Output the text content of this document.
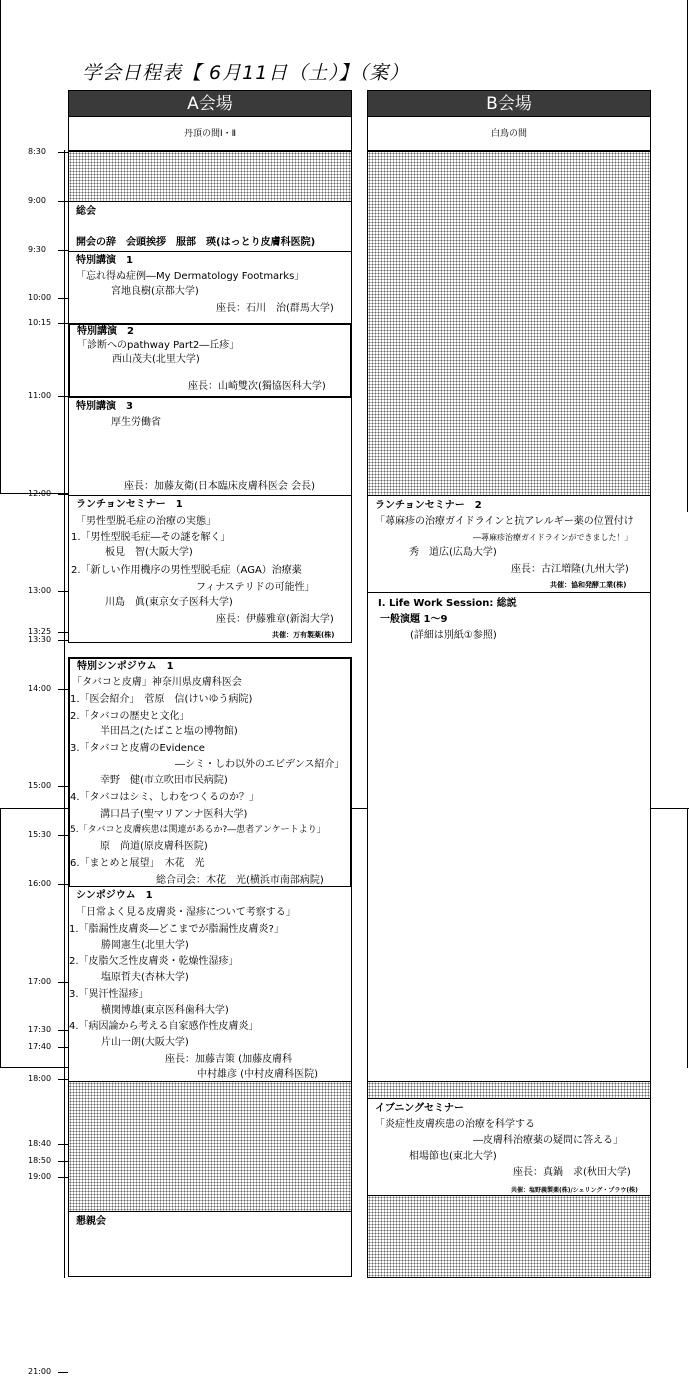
学会日程表【 6月11日（土）】（案）
A会場	B会場
丹頂の間Ⅰ・Ⅱ	白鳥の間
8:30
9:00
9:30
10:00
10:15
11:00
12:00
13:00
13:25
13:30
14:00
15:00
15:30
16:00
17:00
17:30
17:40
18:00
18:40
18:50
19:00
21:00
総会
開会の辞　会頭挨拶　服部　瑛(はっとり皮膚科医院)
特別講演　1
「忘れ得ぬ症例―My Dermatology Footmarks」
宮地良樹(京都大学)
座長：石川　治(群馬大学)
特別講演　2
「診断へのpathway Part2―丘疹」
西山茂夫(北里大学)
座長：山崎雙次(獨協医科大学)
特別講演　3
厚生労働省
座長：加藤友衛(日本臨床皮膚科医会 会長)
ランチョンセミナー　1
「男性型脱毛症の治療の実態」
1.「男性型脱毛症―その謎を解く」
板見　智(大阪大学)
2.「新しい作用機序の男性型脱毛症（AGA）治療薬
フィナステリドの可能性」
川島　眞(東京女子医科大学)
座長：伊藤雅章(新潟大学)
共催：万有製薬(株)
特別シンポジウム　1
「タバコと皮膚」神奈川県皮膚科医会
1.「医会紹介」　菅原　信(けいゆう病院)
2.「タバコの歴史と文化」
半田昌之(たばこと塩の博物館)
3.「タバコと皮膚のEvidence
―シミ・しわ以外のエビデンス紹介」
幸野　健(市立吹田市民病院)
4.「タバコはシミ、しわをつくるのか？」
溝口昌子(聖マリアンナ医科大学)
5.「タバコと皮膚疾患は関連があるか?―患者アンケートより」
原　尚道(原皮膚科医院)
6.「まとめと展望」　木花　光
総合司会：木花　光(横浜市南部病院)
シンポジウム　1
「日常よく見る皮膚炎・湿疹について考察する」
1.「脂漏性皮膚炎―どこまでが脂漏性皮膚炎?」
勝岡憲生(北里大学)
2.「皮脂欠乏性皮膚炎・乾燥性湿疹」
塩原哲夫(杏林大学)
3.「異汗性湿疹」
横関博雄(東京医科歯科大学)
4.「病因論から考える自家感作性皮膚炎」
片山一朗(大阪大学)
座長：加藤吉策 (加藤皮膚科
中村雄彦 (中村皮膚科医院)
懇親会
ランチョンセミナー　2
「蕁麻疹の治療ガイドラインと抗アレルギー薬の位置付け
―蕁麻疹治療ガイドラインができました！」
秀　道広(広島大学)
座長：古江増隆(九州大学)
共催：協和発酵工業(株)
Ⅰ. Life Work Session: 総説
一般演題 1～9
(詳細は別紙①参照)
イブニングセミナー
「炎症性皮膚疾患の治療を科学する
―皮膚科治療薬の疑問に答える」
相場節也(東北大学)
座長：真鍋　求(秋田大学)
共催：塩野義製薬(株)/シェリング・プラウ(株)
